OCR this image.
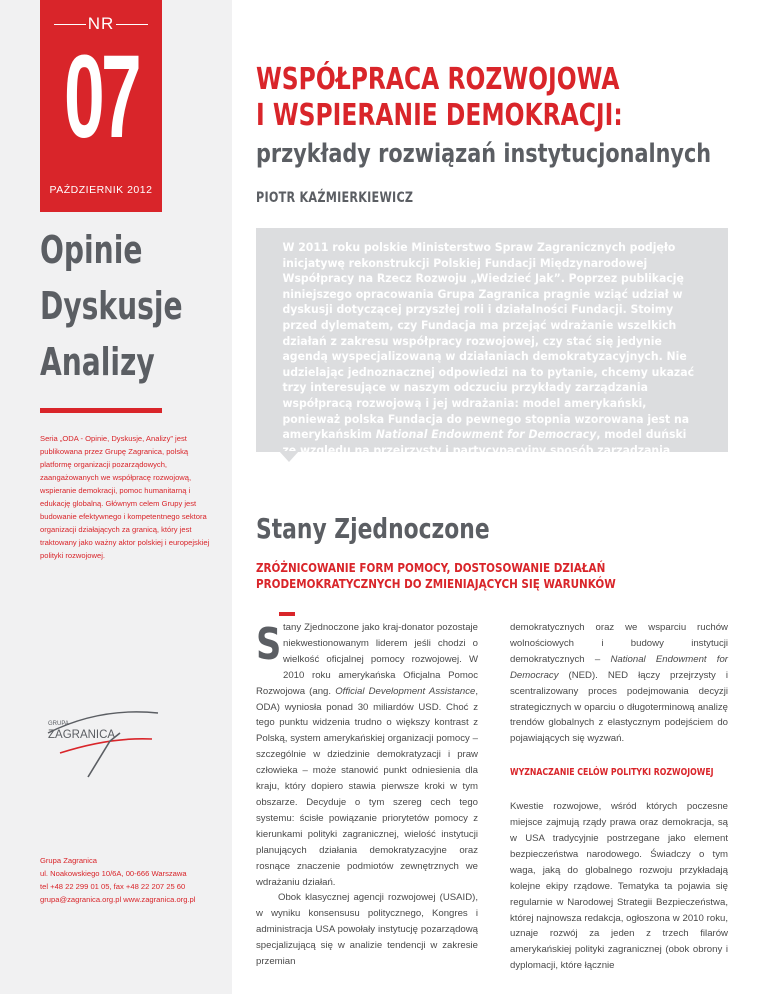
NR
07
PAŹDZIERNIK 2012
Opinie
Dyskusje
Analizy
Seria „ODA - Opinie, Dyskusje, Analizy” jest publikowana przez Grupę Zagranica, polską platformę organizacji pozarządowych, zaangażowanych we współpracę rozwojową, wspieranie demokracji, pomoc humanitarną i edukację globalną. Głównym celem Grupy jest budowanie efektywnego i kompetentnego sektora organizacji działających za granicą, który jest traktowany jako ważny aktor polskiej i europejskiej polityki rozwojowej.
GRUPA
ZAGRANICA
Grupa Zagranica
ul. Noakowskiego 10/6A, 00-666 Warszawa
tel +48 22 299 01 05, fax +48 22 207 25 60
grupa@zagranica.org.pl www.zagranica.org.pl
WSPÓŁPRACA ROZWOJOWA
I WSPIERANIE DEMOKRACJI:
przykłady rozwiązań instytucjonalnych
PIOTR KAŹMIERKIEWICZ

W 2011 roku polskie Ministerstwo Spraw Zagranicznych podjęło inicjatywę rekonstrukcji Polskiej Fundacji Międzynarodowej Współpracy na Rzecz Rozwoju „Wiedzieć Jak”. Poprzez publikację niniejszego opracowania Grupa Zagranica pragnie wziąć udział w dyskusji dotyczącej przyszłej roli i działalności Fundacji. Stoimy przed dylematem, czy Fundacja ma przejąć wdrażanie wszelkich działań z zakresu współpracy rozwojowej, czy stać się jedynie agendą wyspecjalizowaną w działaniach demokratyzacyjnych. Nie udzielając jednoznacznej odpowiedzi na to pytanie, chcemy ukazać trzy interesujące w naszym odczuciu przykłady zarządzania współpracą rozwojową i jej wdrażania: model amerykański, ponieważ polska Fundacja do pewnego stopnia wzorowana jest na amerykańskim National Endowment for Democracy, model duński ze względu na przejrzysty i partycypacyjny sposób zarządzania współpracą rozwojową, oraz model zastosowany u jednego z nowych donatorów – w Republice Czeskiej.

Stany Zjednoczone
ZRÓŻNICOWANIE FORM POMOCY, DOSTOSOWANIE DZIAŁAŃ
PRODEMOKRATYCZNYCH DO ZMIENIAJĄCYCH SIĘ WARUNKÓW

Stany Zjednoczone jako kraj-donator pozostaje niekwestionowanym liderem jeśli chodzi o wielkość oficjalnej pomocy rozwojowej. W 2010 roku amerykańska Oficjalna Pomoc Rozwojowa (ang. Official Development Assistance, ODA) wyniosła ponad 30 miliardów USD. Choć z tego punktu widzenia trudno o większy kontrast z Polską, system amerykańskiej organizacji pomocy – szczególnie w dziedzinie demokratyzacji i praw człowieka – może stanowić punkt odniesienia dla kraju, który dopiero stawia pierwsze kroki w tym obszarze. Decyduje o tym szereg cech tego systemu: ścisłe powiązanie priorytetów pomocy z kierunkami polityki zagranicznej, wielość instytucji planujących działania demokratyzacyjne oraz rosnące znaczenie podmiotów zewnętrznych we wdrażaniu działań.

Obok klasycznej agencji rozwojowej (USAID), w wyniku konsensusu politycznego, Kongres i administracja USA powołały instytucję pozarządową specjalizującą się w analizie tendencji w zakresie przemian

demokratycznych oraz we wsparciu ruchów wolnościowych i budowy instytucji demokratycznych – National Endowment for Democracy (NED). NED łączy przejrzysty i scentralizowany proces podejmowania decyzji strategicznych w oparciu o długoterminową analizę trendów globalnych z elastycznym podejściem do pojawiających się wyzwań.

WYZNACZANIE CELÓW POLITYKI ROZWOJOWEJ

Kwestie rozwojowe, wśród których poczesne miejsce zajmują rządy prawa oraz demokracja, są w USA tradycyjnie postrzegane jako element bezpieczeństwa narodowego. Świadczy o tym waga, jaką do globalnego rozwoju przykładają kolejne ekipy rządowe. Tematyka ta pojawia się regularnie w Narodowej Strategii Bezpieczeństwa, której najnowsza redakcja, ogłoszona w 2010 roku, uznaje rozwój za jeden z trzech filarów amerykańskiej polityki zagranicznej (obok obrony i dyplomacji, które łącznie
